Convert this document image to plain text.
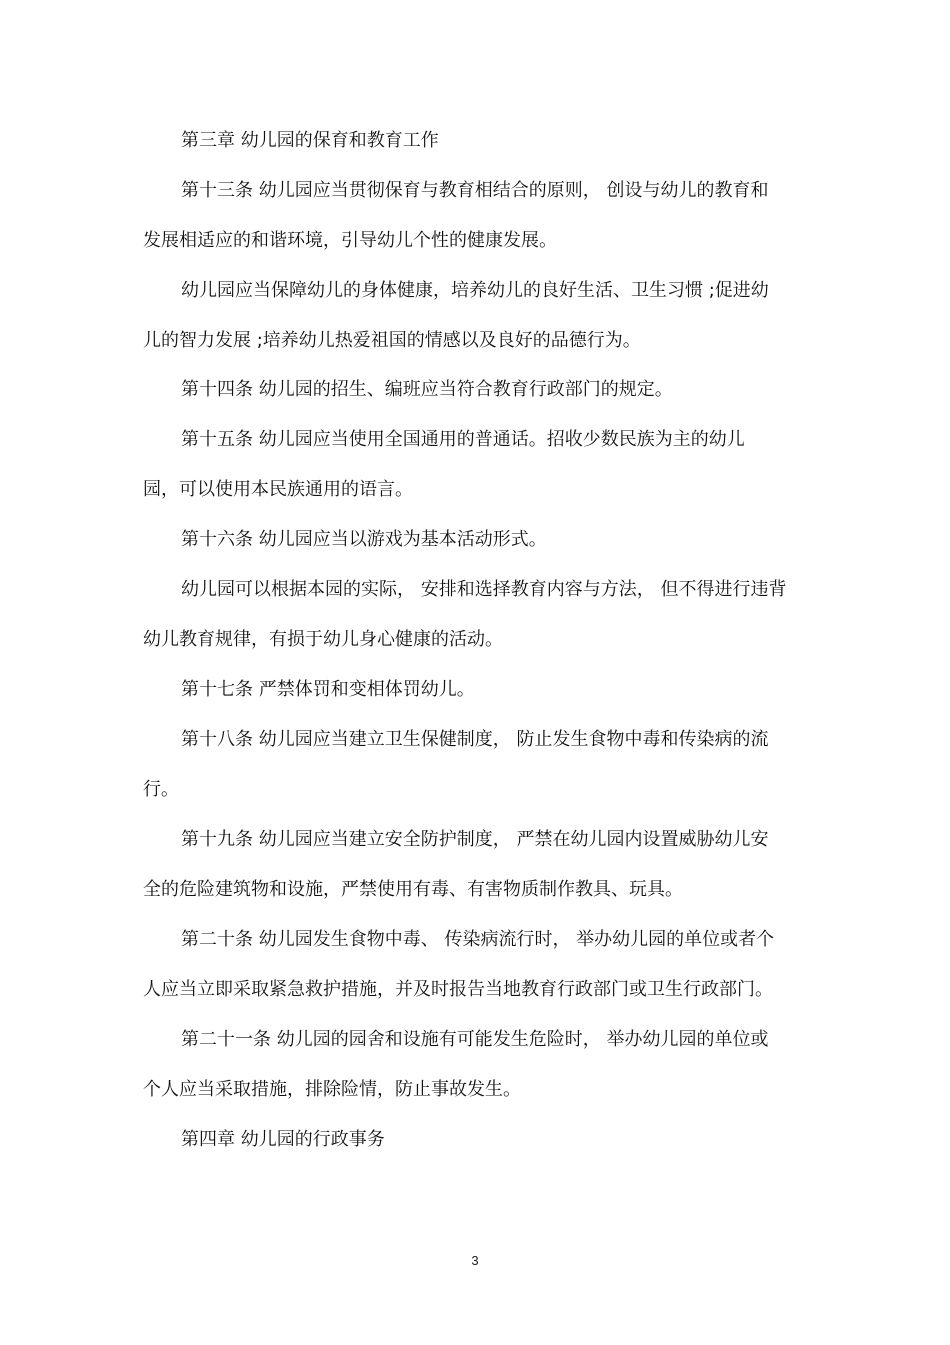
第三章 幼儿园的保育和教育工作
第十三条 幼儿园应当贯彻保育与教育相结合的原则， 创设与幼儿的教育和
发展相适应的和谐环境，引导幼儿个性的健康发展。
幼儿园应当保障幼儿的身体健康，培养幼儿的良好生活、卫生习惯 ;促进幼
儿的智力发展 ;培养幼儿热爱祖国的情感以及良好的品德行为。
第十四条 幼儿园的招生、编班应当符合教育行政部门的规定。
第十五条 幼儿园应当使用全国通用的普通话。招收少数民族为主的幼儿
园，可以使用本民族通用的语言。
第十六条 幼儿园应当以游戏为基本活动形式。
幼儿园可以根据本园的实际， 安排和选择教育内容与方法， 但不得进行违背
幼儿教育规律，有损于幼儿身心健康的活动。
第十七条 严禁体罚和变相体罚幼儿。
第十八条 幼儿园应当建立卫生保健制度， 防止发生食物中毒和传染病的流
行。
第十九条 幼儿园应当建立安全防护制度， 严禁在幼儿园内设置威胁幼儿安
全的危险建筑物和设施，严禁使用有毒、有害物质制作教具、玩具。
第二十条 幼儿园发生食物中毒、 传染病流行时， 举办幼儿园的单位或者个
人应当立即采取紧急救护措施，并及时报告当地教育行政部门或卫生行政部门。
第二十一条 幼儿园的园舍和设施有可能发生危险时， 举办幼儿园的单位或
个人应当采取措施，排除险情，防止事故发生。
第四章 幼儿园的行政事务
3
